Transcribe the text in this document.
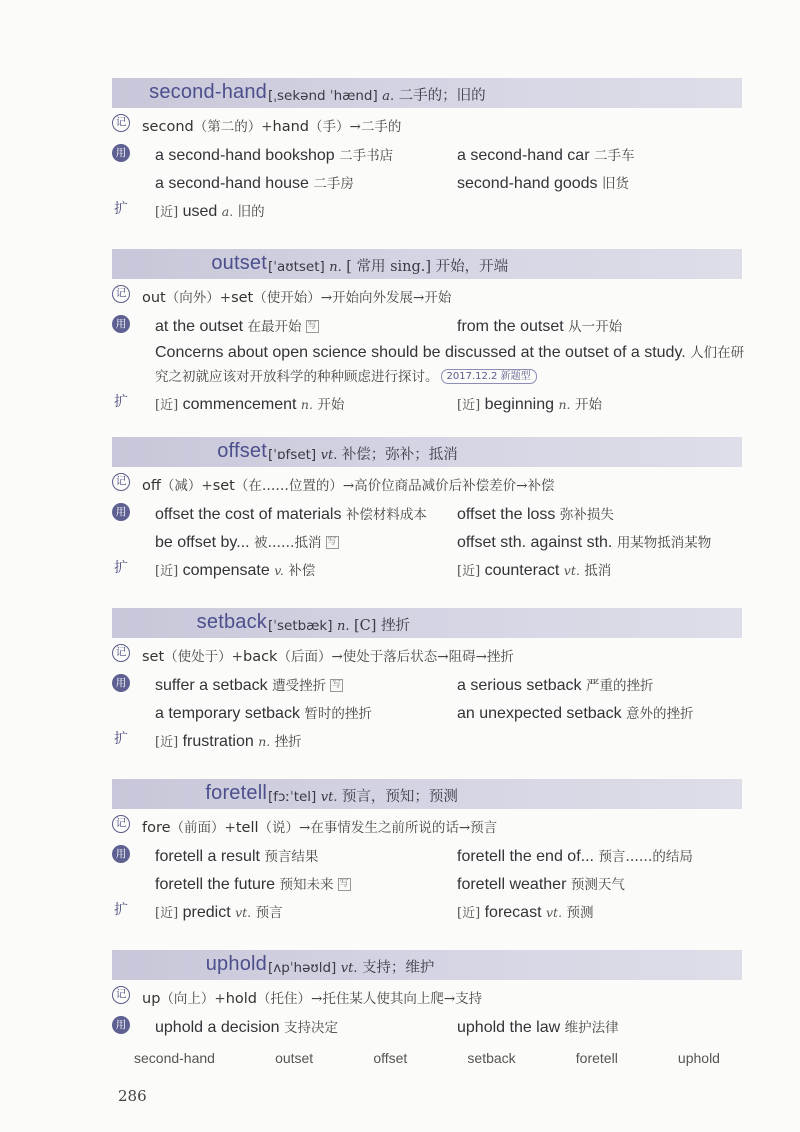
second-hand [ˌsekənd ˈhænd] a. 二手的；旧的
记 second（第二的）+hand（手）→二手的
用 a second-hand bookshop 二手书店	a second-hand car 二手车
a second-hand house 二手房	second-hand goods 旧货
扩 [近] used a. 旧的
outset [ˈaʊtset] n. [ 常用 sing.] 开始，开端
记 out（向外）+set（使开始）→开始向外发展→开始
用 at the outset 在最开始 写	from the outset 从一开始
Concerns about open science should be discussed at the outset of a study. 人们在研究之初就应该对开放科学的种种顾虑进行探讨。 2017.12.2 新题型
扩 [近] commencement n. 开始	[近] beginning n. 开始
offset [ˈɒfset] vt. 补偿；弥补；抵消
记 off（减）+set（在……位置的）→高价位商品减价后补偿差价→补偿
用 offset the cost of materials 补偿材料成本 offset the loss 弥补损失
be offset by... 被……抵消 写	offset sth. against sth. 用某物抵消某物
扩 [近] compensate v. 补偿	[近] counteract vt. 抵消
setback [ˈsetbæk] n. [C] 挫折
记 set（使处于）+back（后面）→使处于落后状态→阻碍→挫折
用 suffer a setback 遭受挫折 写	a serious setback 严重的挫折
a temporary setback 暂时的挫折	an unexpected setback 意外的挫折
扩 [近] frustration n. 挫折
foretell [fɔːˈtel] vt. 预言，预知；预测
记 fore（前面）+tell（说）→在事情发生之前所说的话→预言
用 foretell a result 预言结果	foretell the end of... 预言……的结局
foretell the future 预知未来 写	foretell weather 预测天气
扩 [近] predict vt. 预言	[近] forecast vt. 预测
uphold [ʌpˈhəʊld] vt. 支持；维护
记 up（向上）+hold（托住）→托住某人使其向上爬→支持
用 uphold a decision 支持决定	uphold the law 维护法律
second-hand	outset	offset	setback	foretell	uphold
286
